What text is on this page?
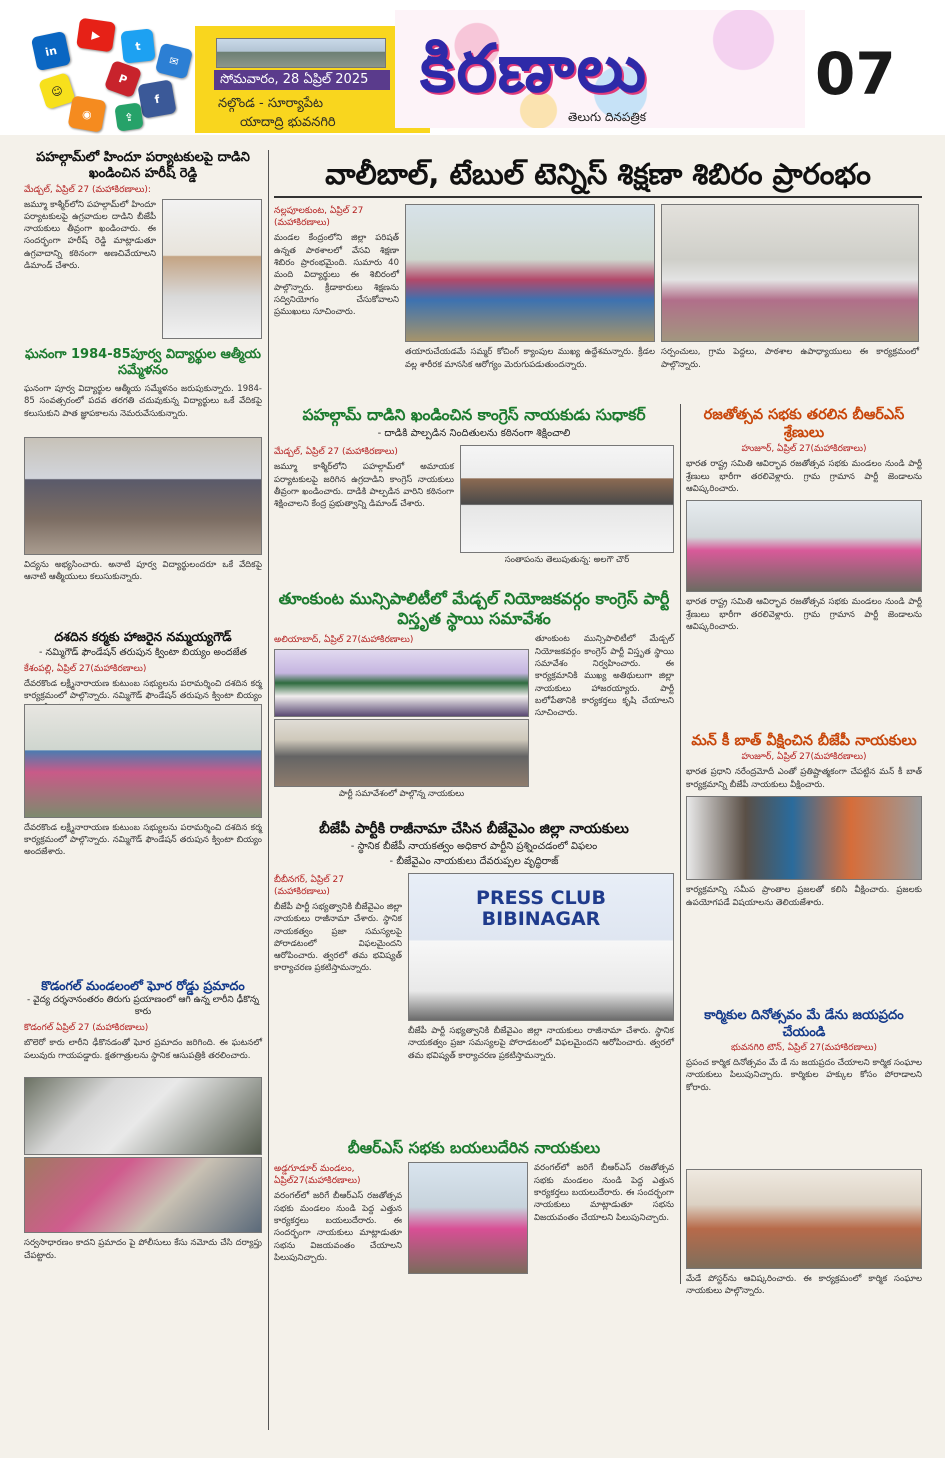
in
▶
t
✉
☺
◉
f
P
⇪
సోమవారం, 28 ఏప్రిల్ 2025
నల్గొండ - సూర్యాపేట
యాదాద్రి భువనగిరి
కిరణాలు
తెలుగు దినపత్రిక
07
పహల్గామ్‌లో హిందూ పర్యాటకులపై దాడిని ఖండించిన హరీష్ రెడ్డి
మేడ్చల్, ఏప్రిల్ 27 (మహాకిరణాలు):
జమ్మూ కాశ్మీర్‌లోని పహల్గామ్‌లో హిందూ పర్యాటకులపై ఉగ్రవాదుల దాడిని బీజేపీ నాయకులు తీవ్రంగా ఖండించారు. ఈ సందర్భంగా హరీష్ రెడ్డి మాట్లాడుతూ ఉగ్రవాదాన్ని కఠినంగా అణచివేయాలని డిమాండ్ చేశారు.
ఘనంగా 1984-85పూర్వ విద్యార్థుల ఆత్మీయ సమ్మేళనం
ఘనంగా పూర్వ విద్యార్థుల ఆత్మీయ సమ్మేళనం జరుపుకున్నారు. 1984-85 సంవత్సరంలో పదవ తరగతి చదువుకున్న విద్యార్థులు ఒకే వేదికపై కలుసుకుని పాత జ్ఞాపకాలను నెమరువేసుకున్నారు.
విద్యను అభ్యసించారు. అనాటి పూర్వ విద్యార్థులందరూ ఒకే వేదికపై ఆనాటి ఆత్మీయులు కలుసుకున్నారు.
దశదిన కర్మకు హాజరైన నమ్మయ్యగౌడ్
- నమ్మిగౌడ్ ఫౌండేషన్ తరుపున క్వింటా బియ్యం అందజేత
కేశంపల్లి, ఏప్రిల్ 27(మహాకిరణాలు)
దేవరకొండ లక్ష్మీనారాయణ కుటుంబ సభ్యులను పరామర్శించి దశదిన కర్మ కార్యక్రమంలో పాల్గొన్నారు. నమ్మిగౌడ్ ఫౌండేషన్ తరుపున క్వింటా బియ్యం
దేవరకొండ లక్ష్మీనారాయణ కుటుంబ సభ్యులను పరామర్శించి దశదిన కర్మ కార్యక్రమంలో పాల్గొన్నారు. నమ్మిగౌడ్ ఫౌండేషన్ తరుపున క్వింటా బియ్యం అందజేశారు.
కొడంగల్ మండలంలో ఘోర రోడ్డు ప్రమాదం
- వైద్య దర్శనానంతరం తిరుగు ప్రయాణంలో ఆగి ఉన్న లారీని ఢీకొన్న కారు
కొడంగల్ ఏప్రిల్ 27 (మహాకిరణాలు)
బొలెరో కారు లారీని ఢీకొనడంతో ఘోర ప్రమాదం జరిగింది. ఈ ఘటనలో పలువురు గాయపడ్డారు. క్షతగాత్రులను స్థానిక ఆసుపత్రికి తరలించారు.
సర్వసాధారణం కాదని ప్రమాదం పై పోలీసులు కేసు నమోదు చేసి దర్యాప్తు చేపట్టారు.
వాలీబాల్, టేబుల్ టెన్నిస్ శిక్షణా శిబిరం ప్రారంభం
నల్లపూలకుంట, ఏప్రిల్ 27 (మహాకిరణాలు)
మండల కేంద్రంలోని జిల్లా పరిషత్ ఉన్నత పాఠశాలలో వేసవి శిక్షణా శిబిరం ప్రారంభమైంది. సుమారు 40 మంది విద్యార్థులు ఈ శిబిరంలో పాల్గొన్నారు. క్రీడాకారులు శిక్షణను సద్వినియోగం చేసుకోవాలని ప్రముఖులు సూచించారు.
తయారుచేయడమే సమ్మర్ కోచింగ్ క్యాంపుల ముఖ్య ఉద్దేశమన్నారు. క్రీడల వల్ల శారీరక మానసిక ఆరోగ్యం మెరుగుపడుతుందన్నారు.
సర్పంచులు, గ్రామ పెద్దలు, పాఠశాల ఉపాధ్యాయులు ఈ కార్యక్రమంలో పాల్గొన్నారు.
పహల్గామ్ దాడిని ఖండించిన కాంగ్రెస్ నాయకుడు సుధాకర్
- దాడికి పాల్పడిన నిందితులను కఠినంగా శిక్షించాలి
మేడ్చల్, ఏప్రిల్ 27 (మహాకిరణాలు)
జమ్మూ కాశ్మీర్‌లోని పహల్గామ్‌లో అమాయక పర్యాటకులపై జరిగిన ఉగ్రదాడిని కాంగ్రెస్ నాయకులు తీవ్రంగా ఖండించారు. దాడికి పాల్పడిన వారిని కఠినంగా శిక్షించాలని కేంద్ర ప్రభుత్వాన్ని డిమాండ్ చేశారు.
సంతాపంను తెలుపుతున్న: అలగౌ చౌర్
తూంకుంట మున్సిపాలిటీలో మేడ్చల్ నియోజకవర్గం కాంగ్రెస్ పార్టీ విస్తృత స్థాయి సమావేశం
అలియాబాద్, ఏప్రిల్ 27(మహాకిరణాలు)
పార్టీ సమావేశంలో పాల్గొన్న నాయకులు
తూంకుంట మున్సిపాలిటీలో మేడ్చల్ నియోజకవర్గం కాంగ్రెస్ పార్టీ విస్తృత స్థాయి సమావేశం నిర్వహించారు. ఈ కార్యక్రమానికి ముఖ్య అతిథులుగా జిల్లా నాయకులు హాజరయ్యారు. పార్టీ బలోపేతానికి కార్యకర్తలు కృషి చేయాలని సూచించారు.
బీజేపీ పార్టీకి రాజీనామా చేసిన బీజేవైఎం జిల్లా నాయకులు
- స్థానిక బీజేపీ నాయకత్వం అధికార పార్టీని ప్రశ్నించడంలో విఫలం
- బీజేవైఎం నాయకులు దేవరుప్పల వృద్ధిరాజ్
బీబీనగర్, ఏప్రిల్ 27 (మహాకిరణాలు)
బీజేపీ పార్టీ సభ్యత్వానికి బీజేవైఎం జిల్లా నాయకులు రాజీనామా చేశారు. స్థానిక నాయకత్వం ప్రజా సమస్యలపై పోరాడటంలో విఫలమైందని ఆరోపించారు. త్వరలో తమ భవిష్యత్ కార్యాచరణ ప్రకటిస్తామన్నారు.
PRESS CLUB
BIBINAGAR
బీజేపీ పార్టీ సభ్యత్వానికి బీజేవైఎం జిల్లా నాయకులు రాజీనామా చేశారు. స్థానిక నాయకత్వం ప్రజా సమస్యలపై పోరాడటంలో విఫలమైందని ఆరోపించారు. త్వరలో తమ భవిష్యత్ కార్యాచరణ ప్రకటిస్తామన్నారు.
బీఆర్ఎస్ సభకు బయలుదేరిన నాయకులు
అడ్డగూడూర్ మండలం, ఏప్రిల్27(మహాకిరణాలు)
వరంగల్‌లో జరిగే బీఆర్ఎస్ రజతోత్సవ సభకు మండలం నుండి పెద్ద ఎత్తున కార్యకర్తలు బయలుదేరారు. ఈ సందర్భంగా నాయకులు మాట్లాడుతూ సభను విజయవంతం చేయాలని పిలుపునిచ్చారు.
వరంగల్‌లో జరిగే బీఆర్ఎస్ రజతోత్సవ సభకు మండలం నుండి పెద్ద ఎత్తున కార్యకర్తలు బయలుదేరారు. ఈ సందర్భంగా నాయకులు మాట్లాడుతూ సభను విజయవంతం చేయాలని పిలుపునిచ్చారు.
రజతోత్సవ సభకు తరలిన బీఆర్ఎస్ శ్రేణులు
హుజూర్, ఏప్రిల్ 27(మహాకిరణాలు)
భారత రాష్ట్ర సమితి ఆవిర్భావ రజతోత్సవ సభకు మండలం నుండి పార్టీ శ్రేణులు భారీగా తరలివెళ్లారు. గ్రామ గ్రామాన పార్టీ జెండాలను ఆవిష్కరించారు.
భారత రాష్ట్ర సమితి ఆవిర్భావ రజతోత్సవ సభకు మండలం నుండి పార్టీ శ్రేణులు భారీగా తరలివెళ్లారు. గ్రామ గ్రామాన పార్టీ జెండాలను ఆవిష్కరించారు.
మన్ కీ బాత్ వీక్షించిన బీజేపీ నాయకులు
హుజూర్, ఏప్రిల్ 27(మహాకిరణాలు)
భారత ప్రధాని నరేంద్రమోదీ ఎంతో ప్రతిష్టాత్మకంగా చేపట్టిన మన్ కీ బాత్ కార్యక్రమాన్ని బీజేపీ నాయకులు వీక్షించారు.
కార్యక్రమాన్ని సమీప ప్రాంతాల ప్రజలతో కలిసి వీక్షించారు. ప్రజలకు ఉపయోగపడే విషయాలను తెలియజేశారు.
కార్మికుల దినోత్సవం మే డేను జయప్రదం చేయండి
భువనగిరి టౌన్, ఏప్రిల్ 27(మహాకిరణాలు)
ప్రపంచ కార్మిక దినోత్సవం మే డే ను జయప్రదం చేయాలని కార్మిక సంఘాల నాయకులు పిలుపునిచ్చారు. కార్మికుల హక్కుల కోసం పోరాడాలని కోరారు.
మేడే పోస్టర్‌ను ఆవిష్కరించారు. ఈ కార్యక్రమంలో కార్మిక సంఘాల నాయకులు పాల్గొన్నారు.
